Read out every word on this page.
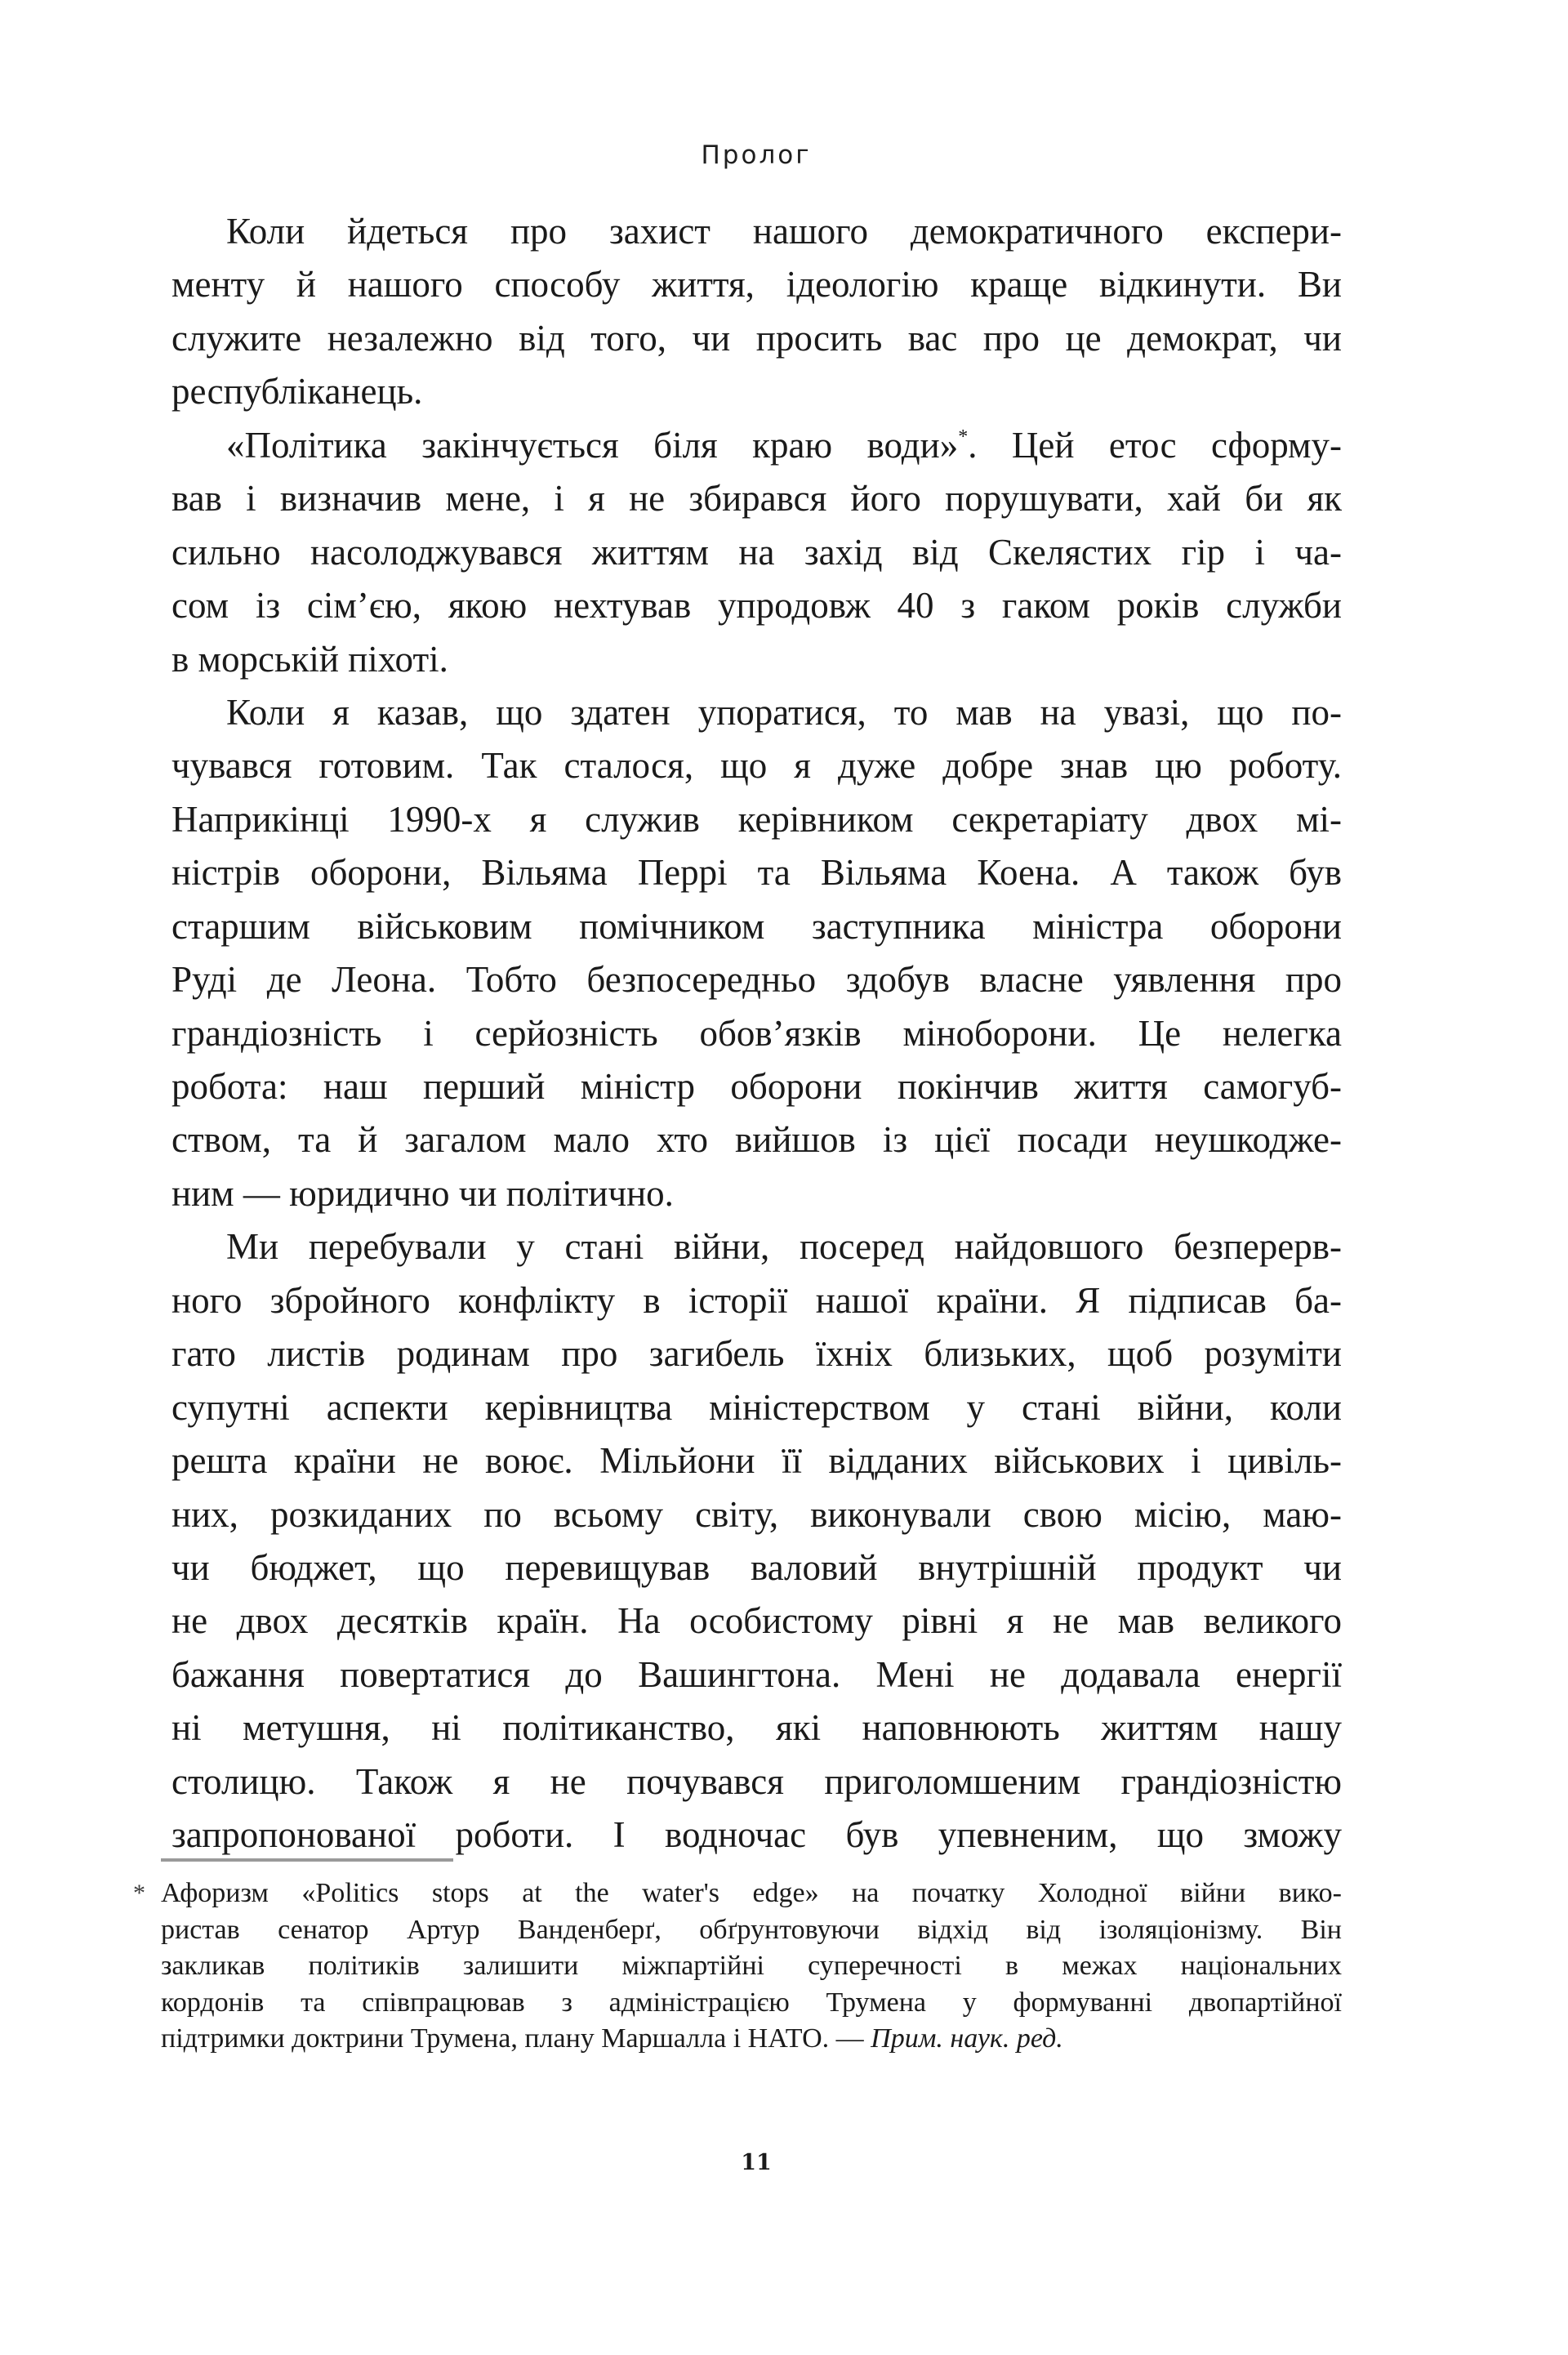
Пролог
Коли йдеться про захист нашого демократичного експери-
менту й нашого способу життя, ідеологію краще відкинути. Ви
служите незалежно від того, чи просить вас про це демократ, чи
республіканець.
«Політика закінчується біля краю води»*. Цей етос сформу-
вав і визначив мене, і я не збирався його порушувати, хай би як
сильно насолоджувався життям на захід від Скелястих гір і ча-
сом із сім’єю, якою нехтував упродовж 40 з гаком років служби
в морській піхоті.
Коли я казав, що здатен упоратися, то мав на увазі, що по-
чувався готовим. Так сталося, що я дуже добре знав цю роботу.
Наприкінці 1990-х я служив керівником секретаріату двох мі-
ністрів оборони, Вільяма Перрі та Вільяма Коена. А також був
старшим військовим помічником заступника міністра оборони
Руді де Леона. Тобто безпосередньо здобув власне уявлення про
грандіозність і серйозність обов’язків міноборони. Це нелегка
робота: наш перший міністр оборони покінчив життя самогуб-
ством, та й загалом мало хто вийшов із цієї посади неушкодже-
ним — юридично чи політично.
Ми перебували у стані війни, посеред найдовшого безперерв-
ного збройного конфлікту в історії нашої країни. Я підписав ба-
гато листів родинам про загибель їхніх близьких, щоб розуміти
супутні аспекти керівництва міністерством у стані війни, коли
решта країни не воює. Мільйони її відданих військових і цивіль-
них, розкиданих по всьому світу, виконували свою місію, маю-
чи бюджет, що перевищував валовий внутрішній продукт чи
не двох десятків країн. На особистому рівні я не мав великого
бажання повертатися до Вашингтона. Мені не додавала енергії
ні метушня, ні політиканство, які наповнюють життям нашу
столицю. Також я не почувався приголомшеним грандіозністю
запропонованої роботи. І водночас був упевненим, що зможу
* Афоризм «Politics stops at the water's edge» на початку Холодної війни вико-
ристав сенатор Артур Ванденберґ, обґрунтовуючи відхід від ізоляціонізму. Він
закликав політиків залишити міжпартійні суперечності в межах національних
кордонів та співпрацював з адміністрацією Трумена у формуванні двопартійної
підтримки доктрини Трумена, плану Маршалла і НАТО. — Прим. наук. ред.
11
